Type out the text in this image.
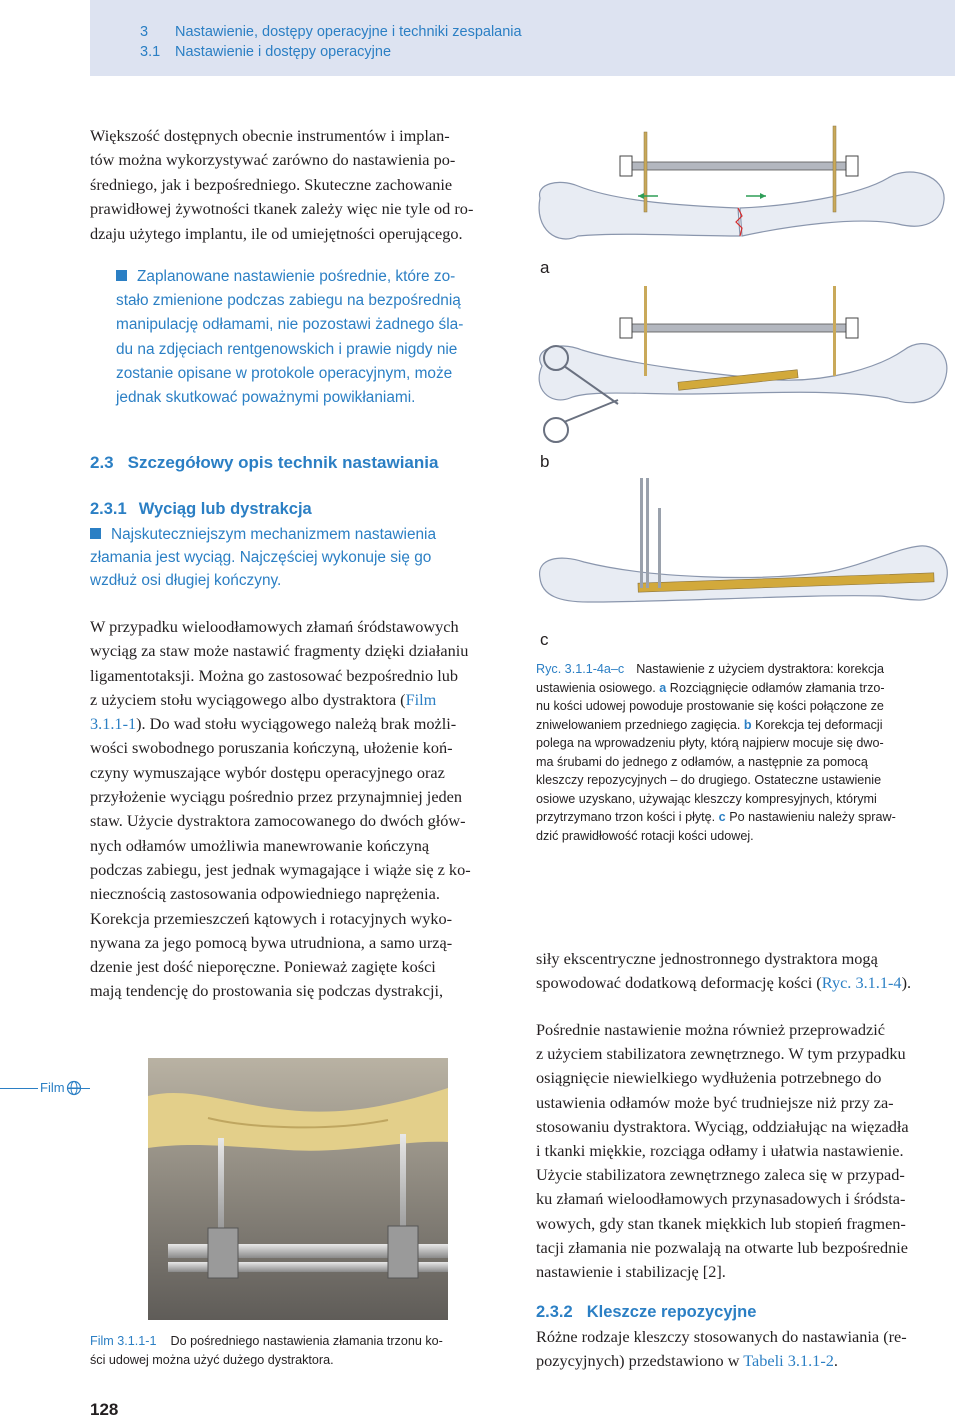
3 Nastawienie, dostępy operacyjne i techniki zespalania
3.1 Nastawienie i dostępy operacyjne
Większość dostępnych obecnie instrumentów i implan-
tów można wykorzystywać zarówno do nastawienia po-
średniego, jak i bezpośredniego. Skuteczne zachowanie
prawidłowej żywotności tkanek zależy więc nie tyle od ro-
dzaju użytego implantu, ile od umiejętności operującego.
Zaplanowane nastawienie pośrednie, które zo-
stało zmienione podczas zabiegu na bezpośrednią
manipulację odłamami, nie pozostawi żadnego śla-
du na zdjęciach rentgenowskich i prawie nigdy nie
zostanie opisane w protokole operacyjnym, może
jednak skutkować poważnymi powikłaniami.
2.3 Szczegółowy opis technik nastawiania
2.3.1 Wyciąg lub dystrakcja
Najskuteczniejszym mechanizmem nastawienia
złamania jest wyciąg. Najczęściej wykonuje się go
wzdłuż osi długiej kończyny.
W przypadku wieloodłamowych złamań śródstawowych
wyciąg za staw może nastawić fragmenty dzięki działaniu
ligamentotaksji. Można go zastosować bezpośrednio lub
z użyciem stołu wyciągowego albo dystraktora (Film
3.1.1-1). Do wad stołu wyciągowego należą brak możli-
wości swobodnego poruszania kończyną, ułożenie koń-
czyny wymuszające wybór dostępu operacyjnego oraz
przyłożenie wyciągu pośrednio przez przynajmniej jeden
staw. Użycie dystraktora zamocowanego do dwóch głów-
nych odłamów umożliwia manewrowanie kończyną
podczas zabiegu, jest jednak wymagające i wiąże się z ko-
niecznością zastosowania odpowiedniego naprężenia.
Korekcja przemieszczeń kątowych i rotacyjnych wyko-
nywana za jego pomocą bywa utrudniona, a samo urzą-
dzenie jest dość nieporęczne. Ponieważ zagięte kości
mają tendencję do prostowania się podczas dystrakcji,
a
b
c
Ryc. 3.1.1-4a–c Nastawienie z użyciem dystraktora: korekcja
ustawienia osiowego. a Rozciągnięcie odłamów złamania trzo-
nu kości udowej powoduje prostowanie się kości połączone ze
zniwelowaniem przedniego zagięcia. b Korekcja tej deformacji
polega na wprowadzeniu płyty, którą najpierw mocuje się dwo-
ma śrubami do jednego z odłamów, a następnie za pomocą
kleszczy repozycyjnych – do drugiego. Ostateczne ustawienie
osiowe uzyskano, używając kleszczy kompresyjnych, którymi
przytrzymano trzon kości i płytę. c Po nastawieniu należy spraw-
dzić prawidłowość rotacji kości udowej.
siły ekscentryczne jednostronnego dystraktora mogą
spowodować dodatkową deformację kości (Ryc. 3.1.1-4).
Pośrednie nastawienie można również przeprowadzić
z użyciem stabilizatora zewnętrznego. W tym przypadku
osiągnięcie niewielkiego wydłużenia potrzebnego do
ustawienia odłamów może być trudniejsze niż przy za-
stosowaniu dystraktora. Wyciąg, oddziałując na więzadła
i tkanki miękkie, rozciąga odłamy i ułatwia nastawienie.
Użycie stabilizatora zewnętrznego zaleca się w przypad-
ku złamań wieloodłamowych przynasadowych i śródsta-
wowych, gdy stan tkanek miękkich lub stopień fragmen-
tacji złamania nie pozwalają na otwarte lub bezpośrednie
nastawienie i stabilizację [2].
2.3.2 Kleszcze repozycyjne
Różne rodzaje kleszczy stosowanych do nastawiania (re-
pozycyjnych) przedstawiono w Tabeli 3.1.1-2.
Film
Film 3.1.1-1 Do pośredniego nastawienia złamania trzonu ko-
ści udowej można użyć dużego dystraktora.
128
